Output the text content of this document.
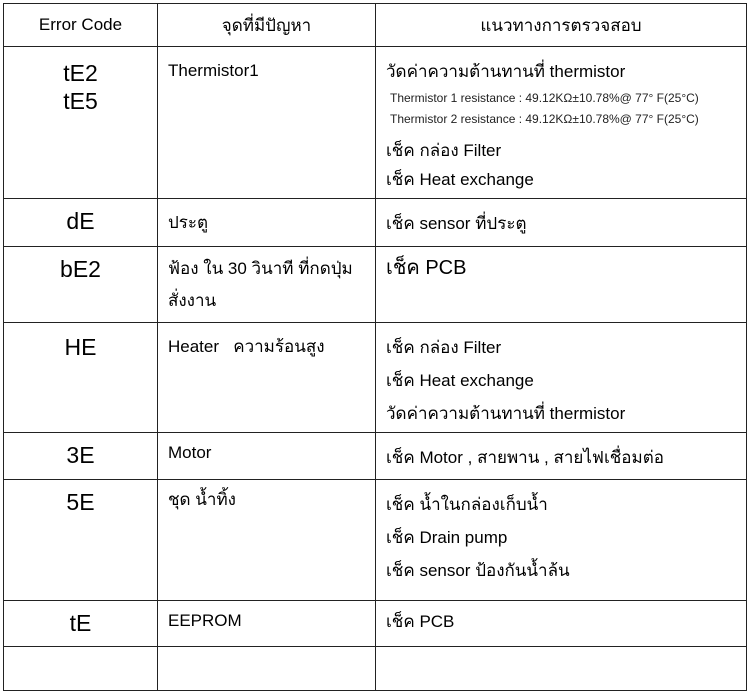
Error Code	จุดที่มีปัญหา	แนวทางการตรวจสอบ

tE2
tE5	Thermistor1	วัดค่าความต้านทานที่ thermistor
Thermistor 1 resistance : 49.12KΩ±10.78%@ 77° F(25°C)
Thermistor 2 resistance : 49.12KΩ±10.78%@ 77° F(25°C)
เช็ค กล่อง Filter
เช็ค Heat exchange

dE	ประตู	เช็ค sensor ที่ประตู

bE2	ฟ้อง ใน 30 วินาที ที่กดปุ่ม สั่งงาน	เช็ค PCB

HE	Heater   ความร้อนสูง	เช็ค กล่อง Filter
เช็ค Heat exchange
วัดค่าความต้านทานที่ thermistor

3E	Motor	เช็ค Motor , สายพาน , สายไฟเชื่อมต่อ

5E	ชุด น้ำทิ้ง	เช็ค น้ำในกล่องเก็บน้ำ
เช็ค Drain pump
เช็ค sensor ป้องกันน้ำล้น

tE	EEPROM	เช็ค PCB
